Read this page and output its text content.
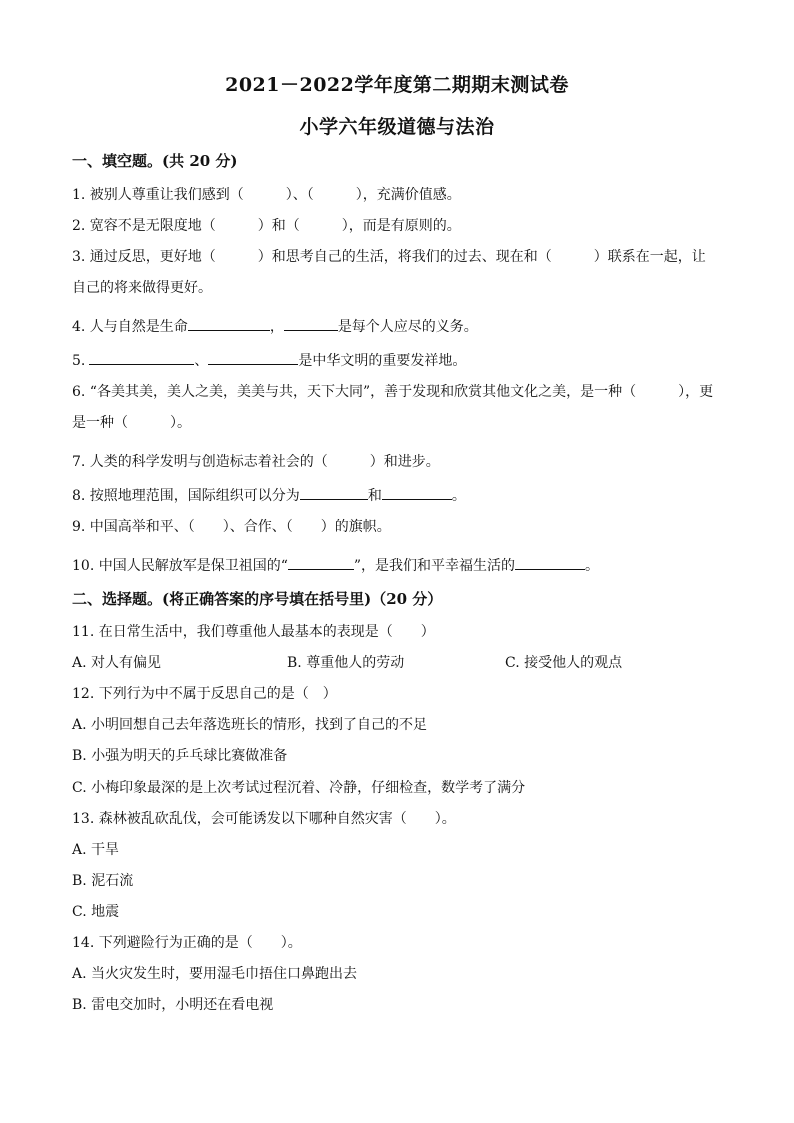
2021－2022学年度第二期期末测试卷
小学六年级道德与法治
一、填空题。(共 20 分)
1. 被别人尊重让我们感到（　　　）、（　　　），充满价值感。
2. 宽容不是无限度地（　　　）和（　　　），而是有原则的。
3. 通过反思，更好地（　　　）和思考自己的生活，将我们的过去、现在和（　　　）联系在一起，让
自己的将来做得更好。
4. 人与自然是生命	，	是每个人应尽的义务。
5.	、	是中华文明的重要发祥地。
6. “各美其美，美人之美，美美与共，天下大同”，善于发现和欣赏其他文化之美，是一种（　　　），更
是一种（　　　）。
7. 人类的科学发明与创造标志着社会的（　　　）和进步。
8. 按照地理范围，国际组织可以分为	和	。
9. 中国高举和平、（　　）、合作、（　　）的旗帜。
10. 中国人民解放军是保卫祖国的“	”，是我们和平幸福生活的	。
二、选择题。(将正确答案的序号填在括号里)（20 分）
11. 在日常生活中，我们尊重他人最基本的表现是（　　）
A. 对人有偏见	B. 尊重他人的劳动	C. 接受他人的观点
12. 下列行为中不属于反思自己的是（　）
A. 小明回想自己去年落选班长的情形，找到了自己的不足
B. 小强为明天的乒乓球比赛做准备
C. 小梅印象最深的是上次考试过程沉着、冷静，仔细检查，数学考了满分
13. 森林被乱砍乱伐，会可能诱发以下哪种自然灾害（　　）。
A. 干旱
B. 泥石流
C. 地震
14. 下列避险行为正确的是（　　）。
A. 当火灾发生时，要用湿毛巾捂住口鼻跑出去
B. 雷电交加时，小明还在看电视
